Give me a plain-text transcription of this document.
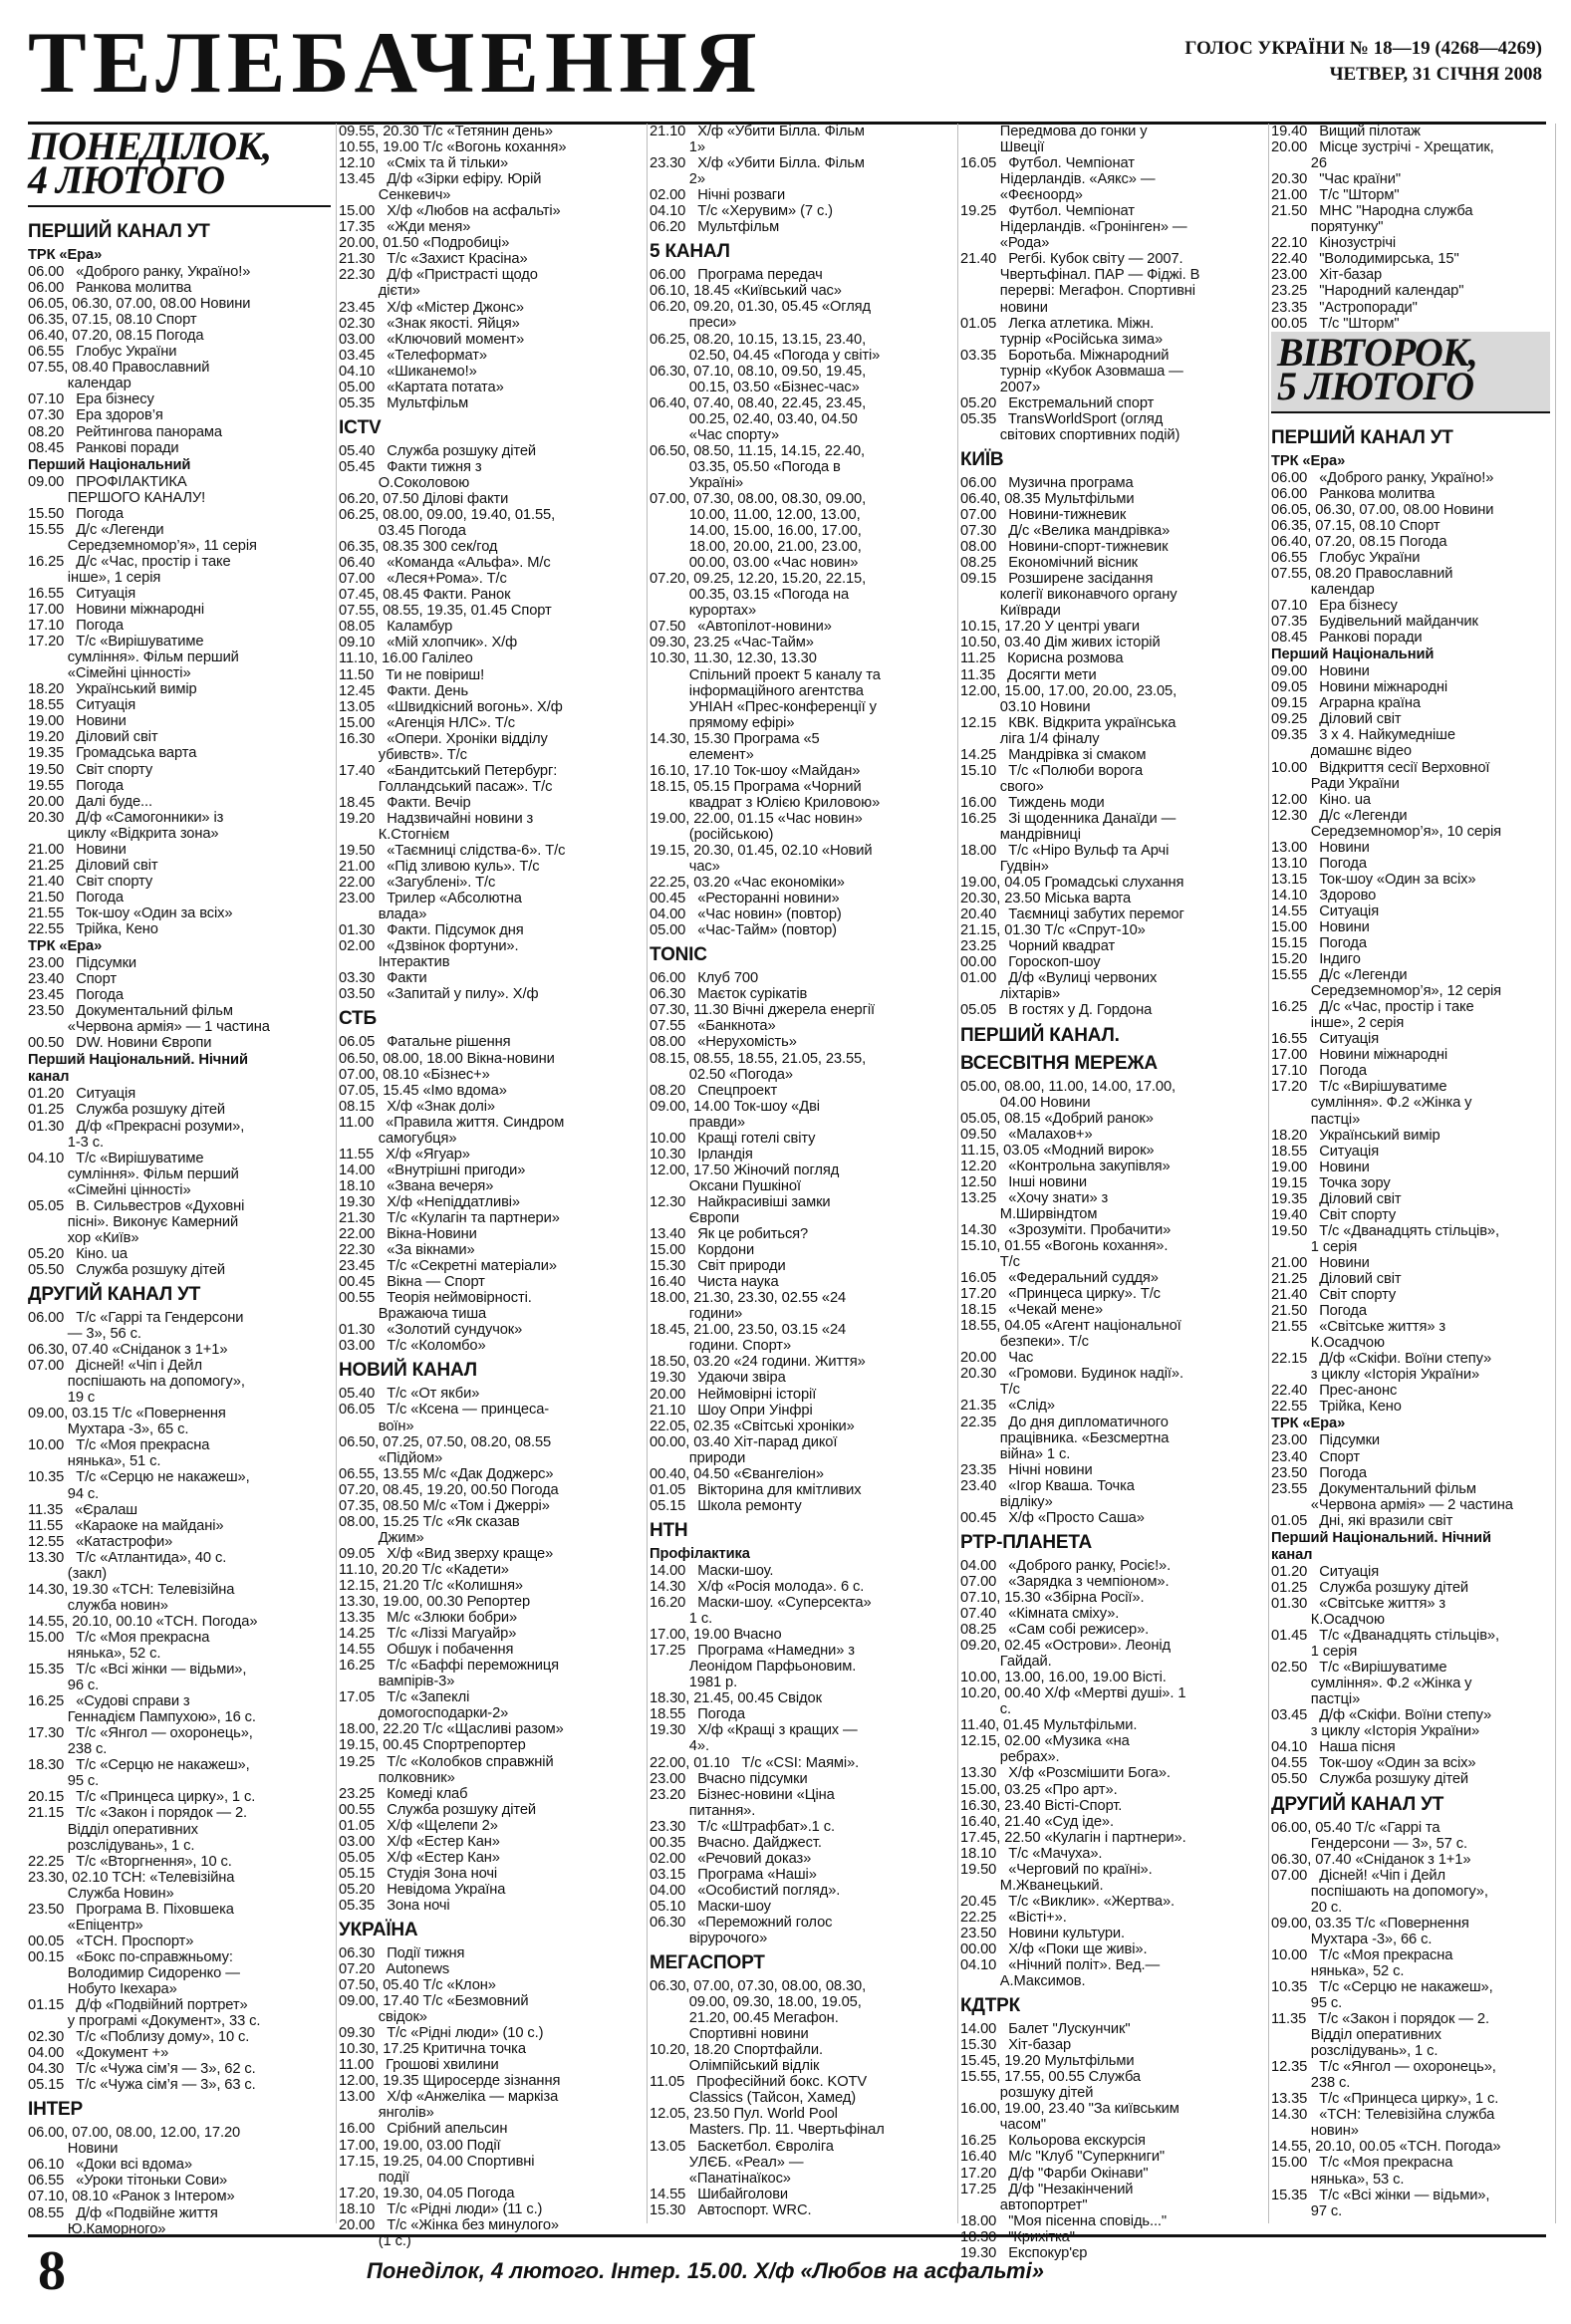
ТЕЛЕБАЧЕННЯ	ГОЛОС УКРАЇНИ № 18—19 (4268—4269)
ЧЕТВЕР, 31 СІЧНЯ 2008
ПОНЕДІЛОК,
4 ЛЮТОГО
ПЕРШИЙ КАНАЛ УТ
ТРК «Ера»
06.00   «Доброго ранку, Україно!»
06.00   Ранкова молитва
06.05, 06.30, 07.00, 08.00 Новини
06.35, 07.15, 08.10 Спорт
06.40, 07.20, 08.15 Погода
06.55   Глобус України
07.55, 08.40 Православний
календар
07.10   Ера бізнесу
07.30   Ера здоров’я
08.20   Рейтингова панорама
08.45   Ранкові поради
Перший Національний
09.00   ПРОФІЛАКТИКА
ПЕРШОГО КАНАЛУ!
15.50   Погода
15.55   Д/с «Легенди
Середземномор’я», 11 серія
16.25   Д/с «Час, простір і таке
інше», 1 серія
16.55   Ситуація
17.00   Новини міжнародні
17.10   Погода
17.20   Т/с «Вирішуватиме
сумління». Фільм перший
«Сімейні цінності»
18.20   Український вимір
18.55   Ситуація
19.00   Новини
19.20   Діловий світ
19.35   Громадська варта
19.50   Світ спорту
19.55   Погода
20.00   Далі буде...
20.30   Д/ф «Самогонники» із
циклу «Відкрита зона»
21.00   Новини
21.25   Діловий світ
21.40   Світ спорту
21.50   Погода
21.55   Ток-шоу «Один за всіх»
22.55   Трійка, Кено
ТРК «Ера»
23.00   Підсумки
23.40   Спорт
23.45   Погода
23.50   Документальний фільм
«Червона армія» — 1 частина
00.50   DW. Новини Європи
Перший Національний. Нічний
канал
01.20   Ситуація
01.25   Служба розшуку дітей
01.30   Д/ф «Прекрасні розуми»,
1-3 с.
04.10   Т/с «Вирішуватиме
сумління». Фільм перший
«Сімейні цінності»
05.05   В. Сильвестров «Духовні
пісні». Виконує Камерний
хор «Київ»
05.20   Кіно. ua
05.50   Служба розшуку дітей
ДРУГИЙ КАНАЛ УТ
06.00   Т/с «Гаррі та Гендерсони
— 3», 56 с.
06.30, 07.40 «Сніданок з 1+1»
07.00   Дісней! «Чіп і Дейл
поспішають на допомогу»,
19 с
09.00, 03.15 Т/с «Повернення
Мухтара -3», 65 с.
10.00   Т/с «Моя прекрасна
нянька», 51 с.
10.35   Т/с «Серцю не накажеш»,
94 с.
11.35   «Єралаш
11.55   «Караоке на майдані»
12.55   «Катастрофи»
13.30   Т/с «Атлантида», 40 с.
(закл)
14.30, 19.30 «ТСН: Телевізійна
служба новин»
14.55, 20.10, 00.10 «ТСН. Погода»
15.00   Т/с «Моя прекрасна
нянька», 52 с.
15.35   Т/с «Всі жінки — відьми»,
96 с.
16.25   «Судові справи з
Геннадієм Пампухою», 16 с.
17.30   Т/с «Янгол — охоронець»,
238 с.
18.30   Т/с «Серцю не накажеш»,
95 с.
20.15   Т/с «Принцеса цирку», 1 с.
21.15   Т/с «Закон і порядок — 2.
Відділ оперативних
розслідувань», 1 с.
22.25   Т/с «Вторгнення», 10 с.
23.30, 02.10 ТСН: «Телевізійна
Служба Новин»
23.50   Програма В. Піховшека
«Епіцентр»
00.05   «ТСН. Проспорт»
00.15   «Бокс по-справжньому:
Володимир Сидоренко —
Нобуто Ікехара»
01.15   Д/ф «Подвійний портрет»
у програмі «Документ», 33 с.
02.30   Т/с «Поблизу дому», 10 с.
04.00   «Документ +»
04.30   Т/с «Чужа сім’я — 3», 62 с.
05.15   Т/с «Чужа сім’я — 3», 63 с.
ІНТЕР
06.00, 07.00, 08.00, 12.00, 17.20
Новини
06.10   «Доки всі вдома»
06.55   «Уроки тітоньки Сови»
07.10, 08.10 «Ранок з Інтером»
08.55   Д/ф «Подвійне життя
Ю.Каморного»
09.55, 20.30 Т/с «Тетянин день»
10.55, 19.00 Т/с «Вогонь кохання»
12.10   «Сміх та й тільки»
13.45   Д/ф «Зірки ефіру. Юрій
Сенкевич»
15.00   Х/ф «Любов на асфальті»
17.35   «Жди меня»
20.00, 01.50 «Подробиці»
21.30   Т/с «Захист Красіна»
22.30   Д/ф «Пристрасті щодо
дієти»
23.45   Х/ф «Містер Джонс»
02.30   «Знак якості. Яйця»
03.00   «Ключовий момент»
03.45   «Телеформат»
04.10   «Шиканемо!»
05.00   «Картата потата»
05.35   Мультфільм
ICTV
05.40   Служба розшуку дітей
05.45   Факти тижня з
О.Соколовою
06.20, 07.50 Ділові факти
06.25, 08.00, 09.00, 19.40, 01.55,
03.45 Погода
06.35, 08.35 300 сек/год
06.40   «Команда «Альфа». М/с
07.00   «Леся+Рома». Т/с
07.45, 08.45 Факти. Ранок
07.55, 08.55, 19.35, 01.45 Спорт
08.05   Каламбур
09.10   «Мій хлопчик». Х/ф
11.10, 16.00 Галілео
11.50   Ти не повіриш!
12.45   Факти. День
13.05   «Швидкісний вогонь». Х/ф
15.00   «Агенція НЛС». Т/с
16.30   «Опери. Хроніки відділу
убивств». Т/с
17.40   «Бандитський Петербург:
Голландський пасаж». Т/с
18.45   Факти. Вечір
19.20   Надзвичайні новини з
К.Стогнієм
19.50   «Таємниці слідства-6». Т/с
21.00   «Під зливою куль». Т/с
22.00   «Загублені». Т/с
23.00   Трилер «Абсолютна
влада»
01.30   Факти. Підсумок дня
02.00   «Дзвінок фортуни».
Інтерактив
03.30   Факти
03.50   «Запитай у пилу». Х/ф
СТБ
06.05   Фатальне рішення
06.50, 08.00, 18.00 Вікна-новини
07.00, 08.10 «Бізнес+»
07.05, 15.45 «Імо вдома»
08.15   Х/ф «Знак долі»
11.00   «Правила життя. Синдром
самогубця»
11.55   Х/ф «Ягуар»
14.00   «Внутрішні пригоди»
18.10   «Звана вечеря»
19.30   Х/ф «Непіддатливі»
21.30   Т/с «Кулагін та партнери»
22.00   Вікна-Новини
22.30   «За вікнами»
23.45   Т/с «Секретні матеріали»
00.45   Вікна — Спорт
00.55   Теорія неймовірності.
Вражаюча тиша
01.30   «Золотий сундучок»
03.00   Т/с «Коломбо»
НОВИЙ КАНАЛ
05.40   Т/с «От якби»
06.05   Т/с «Ксена — принцеса-
воїн»
06.50, 07.25, 07.50, 08.20, 08.55
«Підйом»
06.55, 13.55 М/с «Дак Доджерс»
07.20, 08.45, 19.20, 00.50 Погода
07.35, 08.50 М/с «Том і Джеррі»
08.00, 15.25 Т/с «Як сказав
Джим»
09.05   Х/ф «Вид зверху краще»
11.10, 20.20 Т/с «Кадети»
12.15, 21.20 Т/с «Колишня»
13.30, 19.00, 00.30 Репортер
13.35   М/с «Злюки бобри»
14.25   Т/с «Ліззі Магуайр»
14.55   Обшук і побачення
16.25   Т/с «Баффі переможниця
вампірів-3»
17.05   Т/с «Запеклі
домогосподарки-2»
18.00, 22.20 Т/с «Щасливі разом»
19.15, 00.45 Спортрепортер
19.25   Т/с «Колобков справжній
полковник»
23.25   Комеді клаб
00.55   Служба розшуку дітей
01.05   Х/ф «Щелепи 2»
03.00   Х/ф «Естер Кан»
05.05   Х/ф «Естер Кан»
05.15   Студія Зона ночі
05.20   Невідома Україна
05.35   Зона ночі
УКРАЇНА
06.30   Події тижня
07.20   Autonews
07.50, 05.40 Т/с «Клон»
09.00, 17.40 Т/с «Безмовний
свідок»
09.30   Т/с «Рідні люди» (10 с.)
10.30, 17.25 Критична точка
11.00   Грошові хвилини
12.00, 19.35 Щиросерде зізнання
13.00   Х/ф «Анжеліка — маркіза
янголів»
16.00   Срібний апельсин
17.00, 19.00, 03.00 Події
17.15, 19.25, 04.00 Спортивні
події
17.20, 19.30, 04.05 Погода
18.10   Т/с «Рідні люди» (11 с.)
20.00   Т/с «Жінка без минулого»
(1 с.)
21.10   Х/ф «Убити Білла. Фільм
1»
23.30   Х/ф «Убити Білла. Фільм
2»
02.00   Нічні розваги
04.10   Т/с «Херувим» (7 с.)
06.20   Мультфільм
5 КАНАЛ
06.00   Програма передач
06.10, 18.45 «Київський час»
06.20, 09.20, 01.30, 05.45 «Огляд
преси»
06.25, 08.20, 10.15, 13.15, 23.40,
02.50, 04.45 «Погода у світі»
06.30, 07.10, 08.10, 09.50, 19.45,
00.15, 03.50 «Бізнес-час»
06.40, 07.40, 08.40, 22.45, 23.45,
00.25, 02.40, 03.40, 04.50
«Час спорту»
06.50, 08.50, 11.15, 14.15, 22.40,
03.35, 05.50 «Погода в
Україні»
07.00, 07.30, 08.00, 08.30, 09.00,
10.00, 11.00, 12.00, 13.00,
14.00, 15.00, 16.00, 17.00,
18.00, 20.00, 21.00, 23.00,
00.00, 03.00 «Час новин»
07.20, 09.25, 12.20, 15.20, 22.15,
00.35, 03.15 «Погода на
курортах»
07.50   «Автопілот-новини»
09.30, 23.25 «Час-Тайм»
10.30, 11.30, 12.30, 13.30
Спільний проект 5 каналу та
інформаційного агентства
УНІАН «Прес-конференції у
прямому ефірі»
14.30, 15.30 Програма «5
елемент»
16.10, 17.10 Ток-шоу «Майдан»
18.15, 05.15 Програма «Чорний
квадрат з Юлією Криловою»
19.00, 22.00, 01.15 «Час новин»
(російською)
19.15, 20.30, 01.45, 02.10 «Новий
час»
22.25, 03.20 «Час економіки»
00.45   «Ресторанні новини»
04.00   «Час новин» (повтор)
05.00   «Час-Тайм» (повтор)
TONIC
06.00   Клуб 700
06.30   Маєток сурікатів
07.30, 11.30 Вічні джерела енергії
07.55   «Банкнота»
08.00   «Нерухомість»
08.15, 08.55, 18.55, 21.05, 23.55,
02.50 «Погода»
08.20   Спецпроект
09.00, 14.00 Ток-шоу «Дві
правди»
10.00   Кращі готелі світу
10.30   Ірландія
12.00, 17.50 Жіночий погляд
Оксани Пушкіної
12.30   Найкрасивіші замки
Європи
13.40   Як це робиться?
15.00   Кордони
15.30   Світ природи
16.40   Чиста наука
18.00, 21.30, 23.30, 02.55 «24
години»
18.45, 21.00, 23.50, 03.15 «24
години. Спорт»
18.50, 03.20 «24 години. Життя»
19.30   Удаючи звіра
20.00   Неймовірні історії
21.10   Шоу Опри Уінфрі
22.05, 02.35 «Світські хроніки»
00.00, 03.40 Хіт-парад дикої
природи
00.40, 04.50 «Євангеліон»
01.05   Вікторина для кмітливих
05.15   Школа ремонту
НТН
Профілактика
14.00   Маски-шоу.
14.30   Х/ф «Росія молода». 6 с.
16.20   Маски-шоу. «Суперсекта»
1 с.
17.00, 19.00 Вчасно
17.25   Програма «Намедни» з
Леонідом Парфьоновим.
1981 р.
18.30, 21.45, 00.45 Свідок
18.55   Погода
19.30   Х/ф «Кращі з кращих —
4».
22.00, 01.10   Т/с «CSI: Маямі».
23.00   Вчасно підсумки
23.20   Бізнес-новини «Ціна
питання».
23.30   Т/с «Штрафбат».1 с.
00.35   Вчасно. Дайджест.
02.00   «Речовий доказ»
03.15   Програма «Наші»
04.00   «Особистий погляд».
05.10   Маски-шоу
06.30   «Переможний голос
вірурочого»
МЕГАСПОРТ
06.30, 07.00, 07.30, 08.00, 08.30,
09.00, 09.30, 18.00, 19.05,
21.20, 00.45 Мегафон.
Спортивні новини
10.20, 18.20 Спортфайли.
Олімпійський відлік
11.05   Професійний бокс. KOTV
Classics (Тайсон, Хамед)
12.05, 23.50 Пул. World Pool
Masters. Пр. 11. Чвертьфінал
13.05   Баскетбол. Євроліга
УЛЄБ. «Реал» —
«Панатінаїкос»
14.55   Шибайголови
15.30   Автоспорт. WRC.
Передмова до гонки у
Швеції
16.05   Футбол. Чемпіонат
Нідерландів. «Аякс» —
«Феєноорд»
19.25   Футбол. Чемпіонат
Нідерландів. «Гронінген» —
«Рода»
21.40   Регбі. Кубок світу — 2007.
Чвертьфінал. ПАР — Фіджі. В
перерві: Мегафон. Спортивні
новини
01.05   Легка атлетика. Міжн.
турнір «Російська зима»
03.35   Боротьба. Міжнародний
турнір «Кубок Азовмаша —
2007»
05.20   Екстремальний спорт
05.35   TransWorldSport (огляд
світових спортивних подій)
КИЇВ
06.00   Музична програма
06.40, 08.35 Мультфільми
07.00   Новини-тижневик
07.30   Д/с «Велика мандрівка»
08.00   Новини-спорт-тижневик
08.25   Економічний вісник
09.15   Розширене засідання
колегії виконавчого органу
Київради
10.15, 17.20 У центрі уваги
10.50, 03.40 Дім живих історій
11.25   Корисна розмова
11.35   Досягти мети
12.00, 15.00, 17.00, 20.00, 23.05,
03.10 Новини
12.15   КВК. Відкрита українська
ліга 1/4 фіналу
14.25   Мандрівка зі смаком
15.10   Т/с «Полюби ворога
свого»
16.00   Тиждень моди
16.25   Зі щоденника Данаїди —
мандрівниці
18.00   Т/с «Ніро Вульф та Арчі
Гудвін»
19.00, 04.05 Громадські слухання
20.30, 23.50 Міська варта
20.40   Таємниці забутих перемог
21.15, 01.30 Т/с «Спрут-10»
23.25   Чорний квадрат
00.00   Гороскоп-шоу
01.00   Д/ф «Вулиці червоних
ліхтарів»
05.05   В гостях у Д. Гордона
ПЕРШИЙ КАНАЛ.
ВСЕСВІТНЯ МЕРЕЖА
05.00, 08.00, 11.00, 14.00, 17.00,
04.00 Новини
05.05, 08.15 «Добрий ранок»
09.50   «Малахов+»
11.15, 03.05 «Модний вирок»
12.20   «Контрольна закупівля»
12.50   Інші новини
13.25   «Хочу знати» з
М.Ширвіндтом
14.30   «Зрозуміти. Пробачити»
15.10, 01.55 «Вогонь кохання».
Т/с
16.05   «Федеральний суддя»
17.20   «Принцеса цирку». Т/с
18.15   «Чекай мене»
18.55, 04.05 «Агент національної
безпеки». Т/с
20.00   Час
20.30   «Громови. Будинок надії».
Т/с
21.35   «Слід»
22.35   До дня дипломатичного
працівника. «Безсмертна
війна» 1 с.
23.35   Нічні новини
23.40   «Ігор Кваша. Точка
відліку»
00.45   Х/ф «Просто Саша»
РТР-ПЛАНЕТА
04.00   «Доброго ранку, Росіє!».
07.00   «Зарядка з чемпіоном».
07.10, 15.30 «Збірна Росії».
07.40   «Кімната сміху».
08.25   «Сам собі режисер».
09.20, 02.45 «Острови». Леонід
Гайдай.
10.00, 13.00, 16.00, 19.00 Вісті.
10.20, 00.40 Х/ф «Мертві душі». 1
с.
11.40, 01.45 Мультфільми.
12.15, 02.00 «Музика «на
ребрах».
13.30   Х/ф «Розсмішити Бога».
15.00, 03.25 «Про арт».
16.30, 23.40 Вісті-Спорт.
16.40, 21.40 «Суд іде».
17.45, 22.50 «Кулагін і партнери».
18.10   Т/с «Мачуха».
19.50   «Черговий по країні».
М.Жванецький.
20.45   Т/с «Виклик». «Жертва».
22.25   «Вісті+».
23.50   Новини культури.
00.00   Х/ф «Поки ще живі».
04.10   «Нічний політ». Вед.—
А.Максимов.
КДТРК
14.00   Балет "Лускунчик"
15.30   Хіт-базар
15.45, 19.20 Мультфільми
15.55, 17.55, 00.55 Служба
розшуку дітей
16.00, 19.00, 23.40 "За київським
часом"
16.25   Кольорова екскурсія
16.40   М/с "Клуб "Суперкниги"
17.20   Д/ф "Фарби Окінави"
17.25   Д/ф "Незакінчений
автопортрет"
18.00   "Моя пісенна сповідь..."
18.30   "Крихітка"
19.30   Експокур'єр
19.40   Вищий пілотаж
20.00   Місце зустрічі - Хрещатик,
26
20.30   "Час країни"
21.00   Т/с "Шторм"
21.50   МНС "Народна служба
порятунку"
22.10   Кінозустрічі
22.40   "Володимирська, 15"
23.00   Хіт-базар
23.25   "Народний календар"
23.35   "Астропоради"
00.05   Т/с "Шторм"
ВІВТОРОК,
5 ЛЮТОГО
ПЕРШИЙ КАНАЛ УТ
ТРК «Ера»
06.00   «Доброго ранку, Україно!»
06.00   Ранкова молитва
06.05, 06.30, 07.00, 08.00 Новини
06.35, 07.15, 08.10 Спорт
06.40, 07.20, 08.15 Погода
06.55   Глобус України
07.55, 08.20 Православний
календар
07.10   Ера бізнесу
07.35   Будівельний майданчик
08.45   Ранкові поради
Перший Національний
09.00   Новини
09.05   Новини міжнародні
09.15   Аграрна країна
09.25   Діловий світ
09.35   3 х 4. Найкумедніше
домашнє відео
10.00   Відкриття сесії Верховної
Ради України
12.00   Кіно. ua
12.30   Д/с «Легенди
Середземномор’я», 10 серія
13.00   Новини
13.10   Погода
13.15   Ток-шоу «Один за всіх»
14.10   Здорово
14.55   Ситуація
15.00   Новини
15.15   Погода
15.20   Індиго
15.55   Д/с «Легенди
Середземномор’я», 12 серія
16.25   Д/с «Час, простір і таке
інше», 2 серія
16.55   Ситуація
17.00   Новини міжнародні
17.10   Погода
17.20   Т/с «Вирішуватиме
сумління». Ф.2 «Жінка у
пастці»
18.20   Український вимір
18.55   Ситуація
19.00   Новини
19.15   Точка зору
19.35   Діловий світ
19.40   Світ спорту
19.50   Т/с «Дванадцять стільців»,
1 серія
21.00   Новини
21.25   Діловий світ
21.40   Світ спорту
21.50   Погода
21.55   «Світське життя» з
К.Осадчою
22.15   Д/ф «Скіфи. Воїни степу»
з циклу «Історія України»
22.40   Прес-анонс
22.55   Трійка, Кено
ТРК «Ера»
23.00   Підсумки
23.40   Спорт
23.50   Погода
23.55   Документальний фільм
«Червона армія» — 2 частина
01.05   Дні, які вразили світ
Перший Національний. Нічний
канал
01.20   Ситуація
01.25   Служба розшуку дітей
01.30   «Світське життя» з
К.Осадчою
01.45   Т/с «Дванадцять стільців»,
1 серія
02.50   Т/с «Вирішуватиме
сумління». Ф.2 «Жінка у
пастці»
03.45   Д/ф «Скіфи. Воїни степу»
з циклу «Історія України»
04.10   Наша пісня
04.55   Ток-шоу «Один за всіх»
05.50   Служба розшуку дітей
ДРУГИЙ КАНАЛ УТ
06.00, 05.40 Т/с «Гаррі та
Гендерсони — 3», 57 с.
06.30, 07.40 «Сніданок з 1+1»
07.00   Дісней! «Чіп і Дейл
поспішають на допомогу»,
20 с.
09.00, 03.35 Т/с «Повернення
Мухтара -3», 66 с.
10.00   Т/с «Моя прекрасна
нянька», 52 с.
10.35   Т/с «Серцю не накажеш»,
95 с.
11.35   Т/с «Закон і порядок — 2.
Відділ оперативних
розслідувань», 1 с.
12.35   Т/с «Янгол — охоронець»,
238 с.
13.35   Т/с «Принцеса цирку», 1 с.
14.30   «ТСН: Телевізійна служба
новин»
14.55, 20.10, 00.05 «ТСН. Погода»
15.00   Т/с «Моя прекрасна
нянька», 53 с.
15.35   Т/с «Всі жінки — відьми»,
97 с.
8	Понеділок, 4 лютого. Інтер. 15.00. Х/ф «Любов на асфальті»
